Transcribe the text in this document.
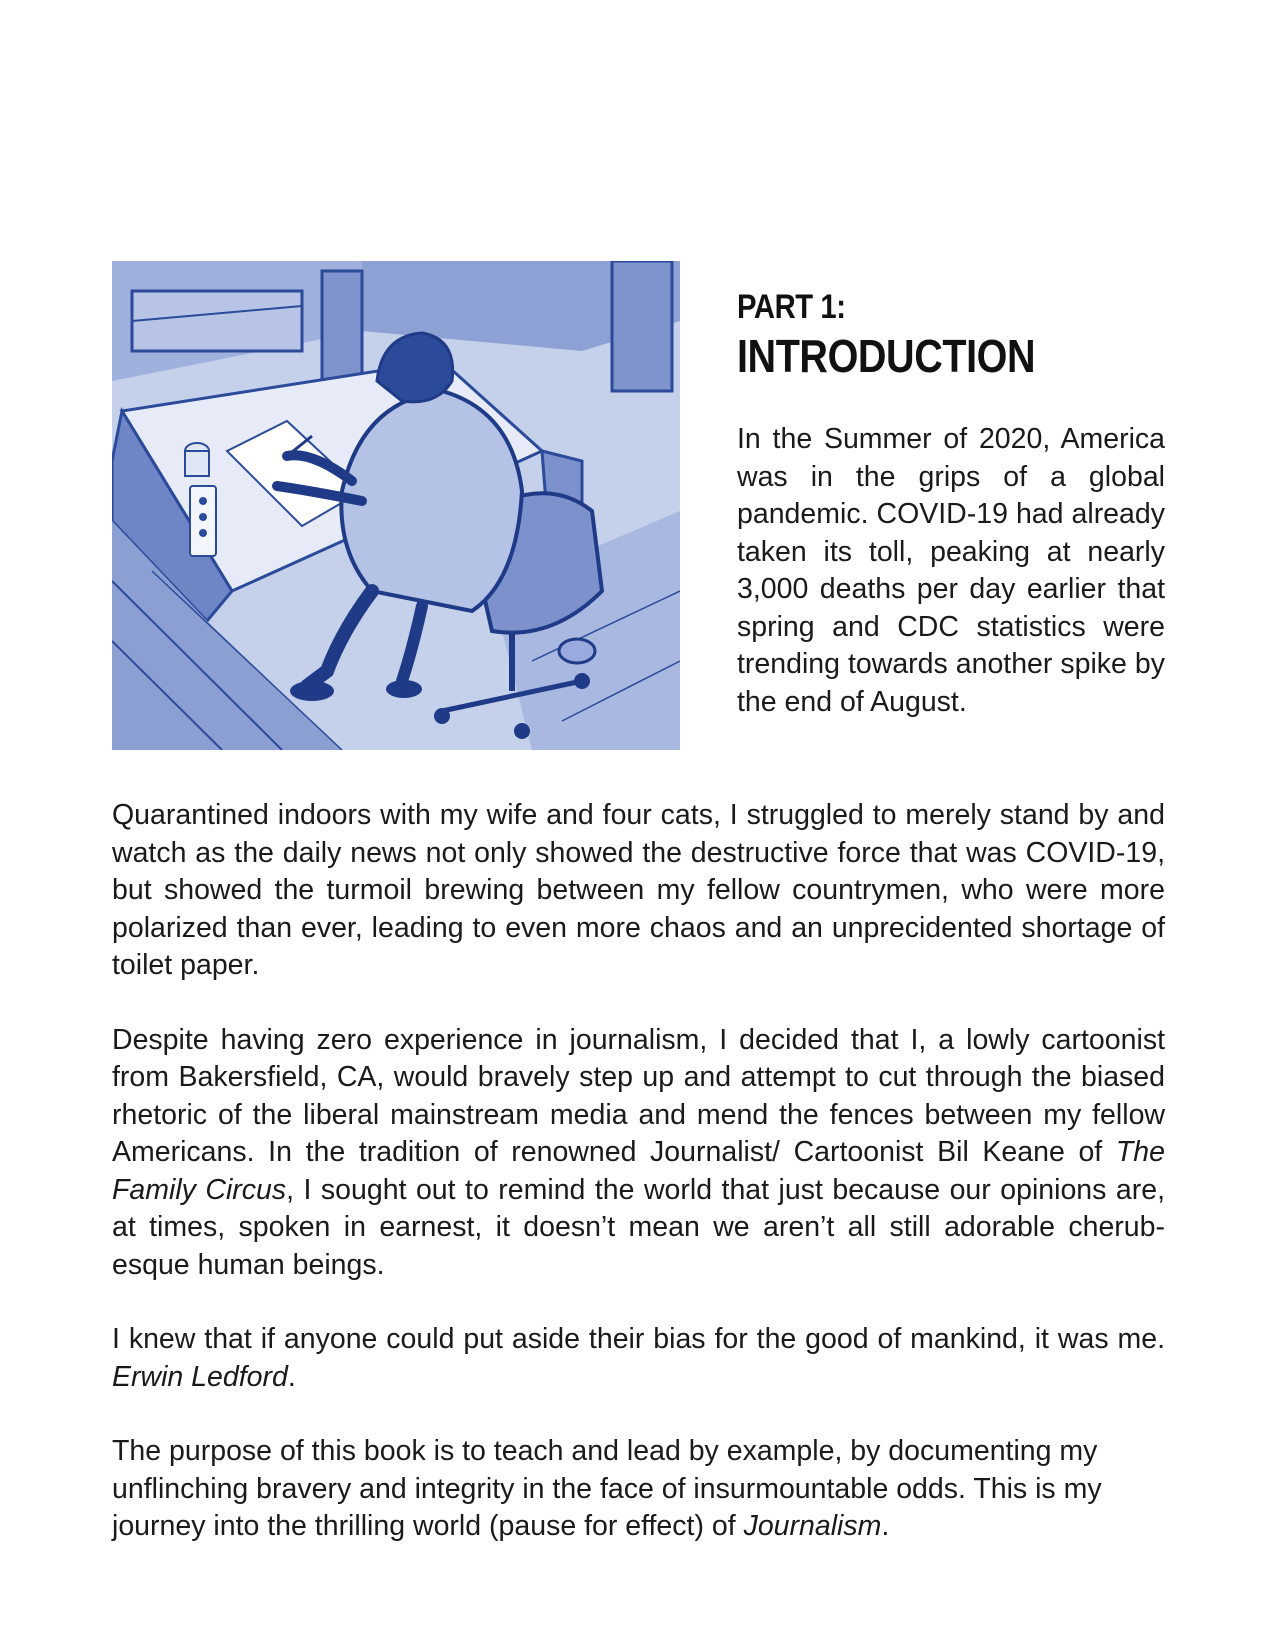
PART 1:
INTRODUCTION

In the Summer of 2020, America was in the grips of a global pandemic. COVID-19 had already taken its toll, peaking at nearly 3,000 deaths per day earlier that spring and CDC statistics were trending towards another spike by the end of August.

Quarantined indoors with my wife and four cats, I struggled to merely stand by and watch as the daily news not only showed the destructive force that was COVID-19, but showed the turmoil brewing between my fellow countrymen, who were more polarized than ever, leading to even more chaos and an unprecidented shortage of toilet paper.

Despite having zero experience in journalism, I decided that I, a lowly cartoonist from Bakersfield, CA, would bravely step up and attempt to cut through the biased rhetoric of the liberal mainstream media and mend the fences between my fellow Americans. In the tradition of renowned Journalist/ Cartoonist Bil Keane of The Family Circus, I sought out to remind the world that just because our opinions are, at times, spoken in earnest, it doesn’t mean we aren’t all still adorable cherub-esque human beings.

I knew that if anyone could put aside their bias for the good of mankind, it was me. Erwin Ledford.

The purpose of this book is to teach and lead by example, by documenting my unflinching bravery and integrity in the face of insurmountable odds. This is my journey into the thrilling world (pause for effect) of Journalism.
